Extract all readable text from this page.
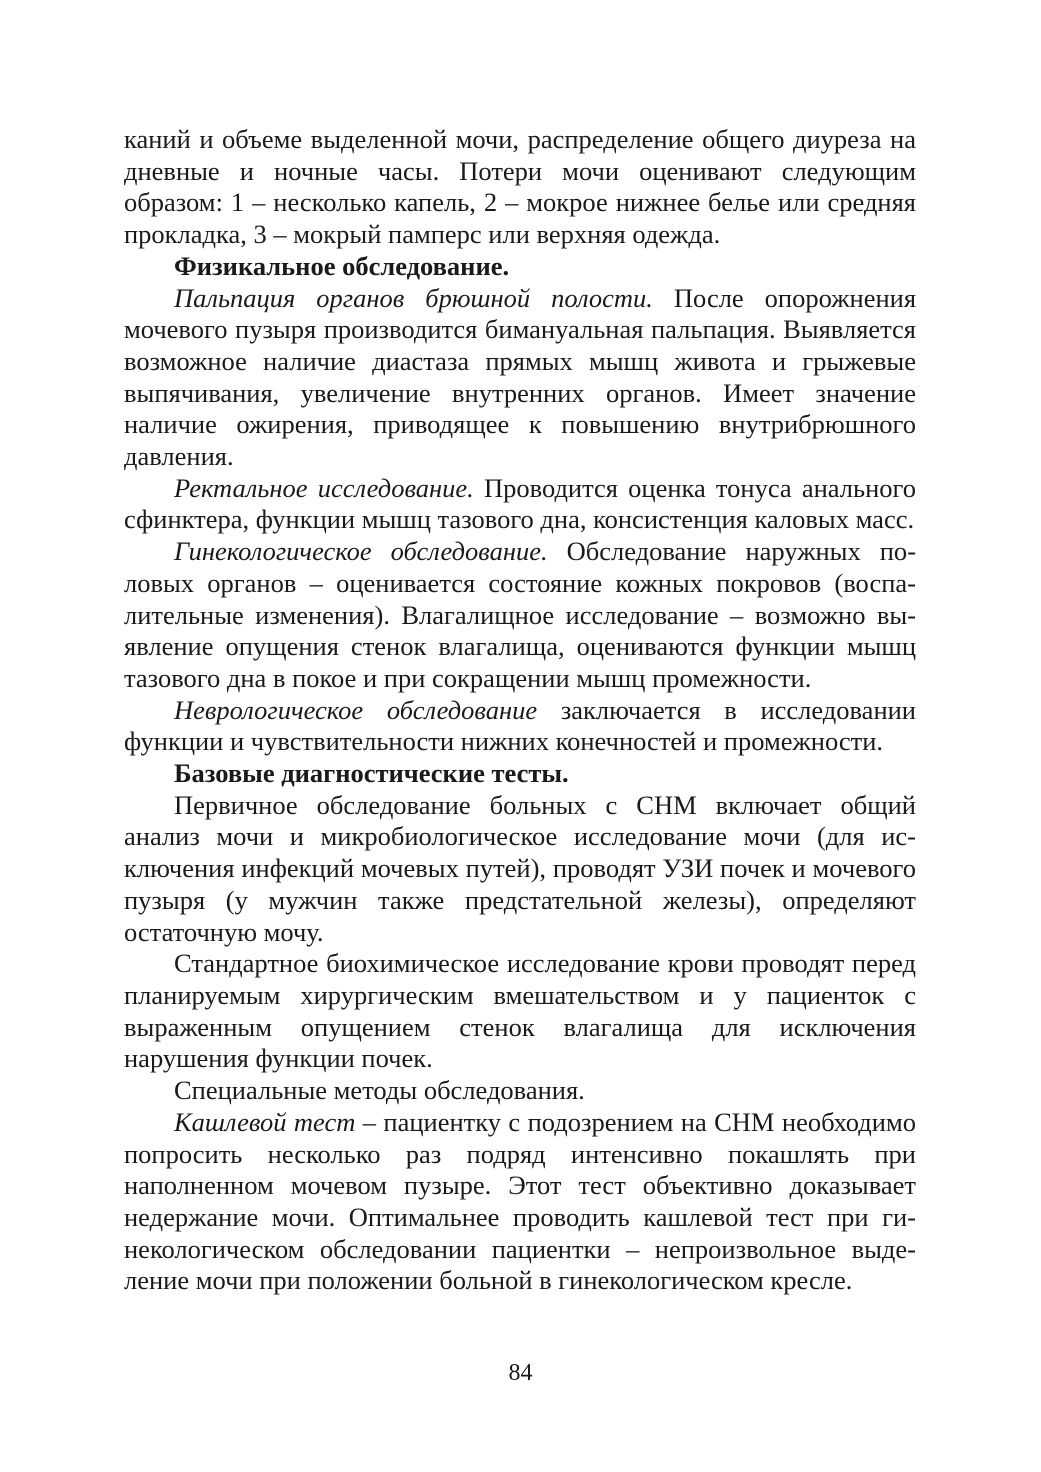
каний и объеме выделенной мочи, распределение общего диуреза на дневные и ночные часы. Потери мочи оценивают следующим образом: 1 – несколько капель, 2 – мокрое нижнее белье или средняя прокладка, 3 – мокрый памперс или верхняя одежда.

Физикальное обследование.

Пальпация органов брюшной полости. После опорожнения мочевого пузыря производится бимануальная пальпация. Выявляется возможное наличие диастаза прямых мышц живота и грыжевые выпячивания, увеличение внутренних органов. Имеет значение наличие ожирения, приводящее к повышению внутрибрюшного давления.

Ректальное исследование. Проводится оценка тонуса анального сфинктера, функции мышц тазового дна, консистенция каловых масс.

Гинекологическое обследование. Обследование наружных половых органов – оценивается состояние кожных покровов (воспалительные изменения). Влагалищное исследование – возможно выявление опущения стенок влагалища, оцениваются функции мышц тазового дна в покое и при сокращении мышц промежности.

Неврологическое обследование заключается в исследовании функции и чувствительности нижних конечностей и промежности.

Базовые диагностические тесты.

Первичное обследование больных с СНМ включает общий анализ мочи и микробиологическое исследование мочи (для исключения инфекций мочевых путей), проводят УЗИ почек и мочевого пузыря (у мужчин также предстательной железы), определяют остаточную мочу.

Стандартное биохимическое исследование крови проводят перед планируемым хирургическим вмешательством и у пациенток с выраженным опущением стенок влагалища для исключения нарушения функции почек.

Специальные методы обследования.

Кашлевой тест – пациентку с подозрением на СНМ необходимо попросить несколько раз подряд интенсивно покашлять при наполненном мочевом пузыре. Этот тест объективно доказывает недержание мочи. Оптимальнее проводить кашлевой тест при гинекологическом обследовании пациентки – непроизвольное выделение мочи при положении больной в гинекологическом кресле.

84
